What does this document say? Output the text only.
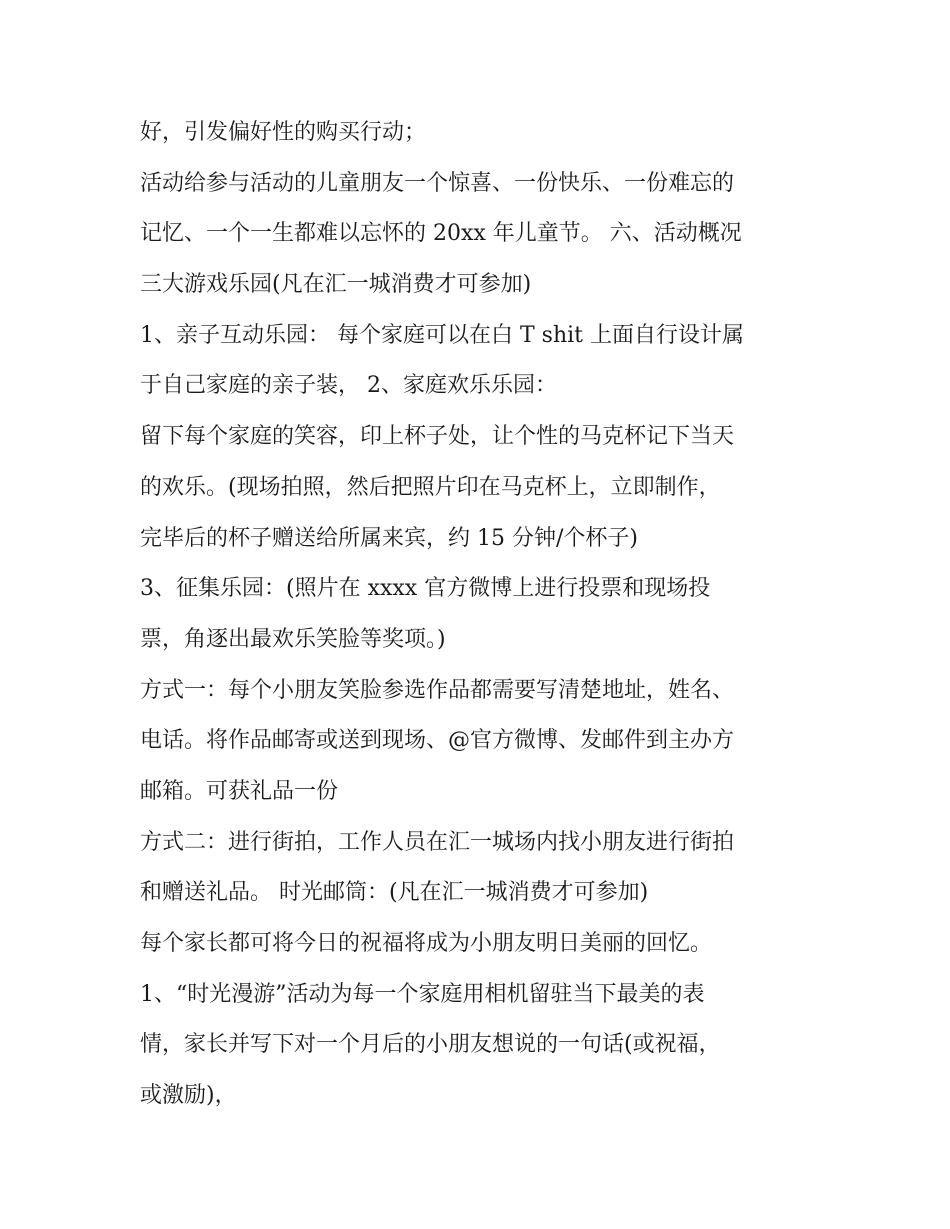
好，引发偏好性的购买行动；
活动给参与活动的儿童朋友一个惊喜、一份快乐、一份难忘的
记忆、一个一生都难以忘怀的 20xx 年儿童节。 六、活动概况
三大游戏乐园(凡在汇一城消费才可参加)
1、亲子互动乐园： 每个家庭可以在白 T shit 上面自行设计属
于自己家庭的亲子装， 2、家庭欢乐乐园：
留下每个家庭的笑容，印上杯子处，让个性的马克杯记下当天
的欢乐。(现场拍照，然后把照片印在马克杯上，立即制作，
完毕后的杯子赠送给所属来宾，约 15 分钟/个杯子)
3、征集乐园：(照片在 xxxx 官方微博上进行投票和现场投
票，角逐出最欢乐笑脸等奖项。)
方式一：每个小朋友笑脸参选作品都需要写清楚地址，姓名、
电话。将作品邮寄或送到现场、@官方微博、发邮件到主办方
邮箱。可获礼品一份
方式二：进行街拍，工作人员在汇一城场内找小朋友进行街拍
和赠送礼品。 时光邮筒：(凡在汇一城消费才可参加)
每个家长都可将今日的祝福将成为小朋友明日美丽的回忆。
1、“时光漫游”活动为每一个家庭用相机留驻当下最美的表
情，家长并写下对一个月后的小朋友想说的一句话(或祝福，
或激励)，
